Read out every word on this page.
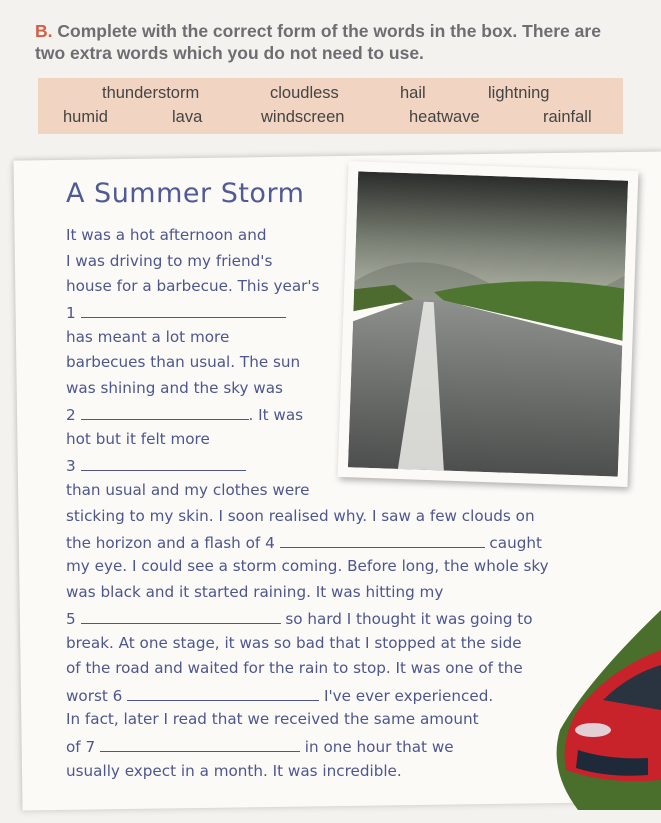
B. Complete with the correct form of the words in the box. There are
two extra words which you do not need to use.
thunderstorm	cloudless	hail	lightning
humid	lava	windscreen	heatwave	rainfall
A Summer Storm
It was a hot afternoon and
I was driving to my friend's
house for a barbecue. This year's
1
has meant a lot more
barbecues than usual. The sun
was shining and the sky was
2	. It was
hot but it felt more
3
than usual and my clothes were
sticking to my skin. I soon realised why. I saw a few clouds on
the horizon and a flash of 4	caught
my eye. I could see a storm coming. Before long, the whole sky
was black and it started raining. It was hitting my
5	so hard I thought it was going to
break. At one stage, it was so bad that I stopped at the side
of the road and waited for the rain to stop. It was one of the
worst 6	I've ever experienced.
In fact, later I read that we received the same amount
of 7	in one hour that we
usually expect in a month. It was incredible.
